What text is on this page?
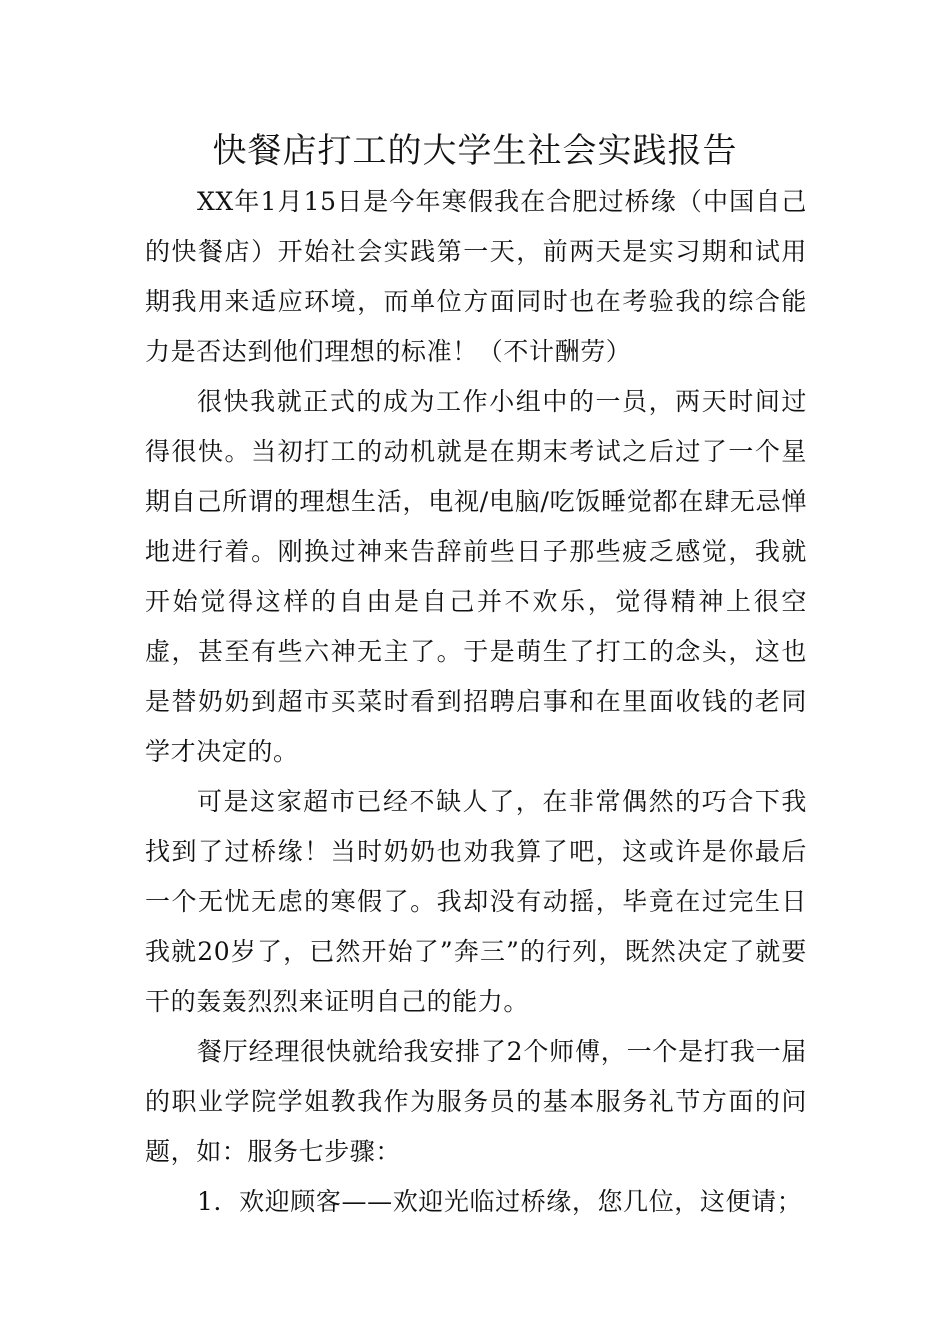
快餐店打工的大学生社会实践报告

XX年1月15日是今年寒假我在合肥过桥缘（中国自己的快餐店）开始社会实践第一天，前两天是实习期和试用期我用来适应环境，而单位方面同时也在考验我的综合能力是否达到他们理想的标准！（不计酬劳）

很快我就正式的成为工作小组中的一员，两天时间过得很快。当初打工的动机就是在期末考试之后过了一个星期自己所谓的理想生活，电视/电脑/吃饭睡觉都在肆无忌惮地进行着。刚换过神来告辞前些日子那些疲乏感觉，我就开始觉得这样的自由是自己并不欢乐，觉得精神上很空虚，甚至有些六神无主了。于是萌生了打工的念头，这也是替奶奶到超市买菜时看到招聘启事和在里面收钱的老同学才决定的。

可是这家超市已经不缺人了，在非常偶然的巧合下我找到了过桥缘！当时奶奶也劝我算了吧，这或许是你最后一个无忧无虑的寒假了。我却没有动摇，毕竟在过完生日我就20岁了，已然开始了”奔三”的行列，既然决定了就要干的轰轰烈烈来证明自己的能力。

餐厅经理很快就给我安排了2个师傅，一个是打我一届的职业学院学姐教我作为服务员的基本服务礼节方面的问题，如：服务七步骤：

1．欢迎顾客——欢迎光临过桥缘，您几位，这便请；
